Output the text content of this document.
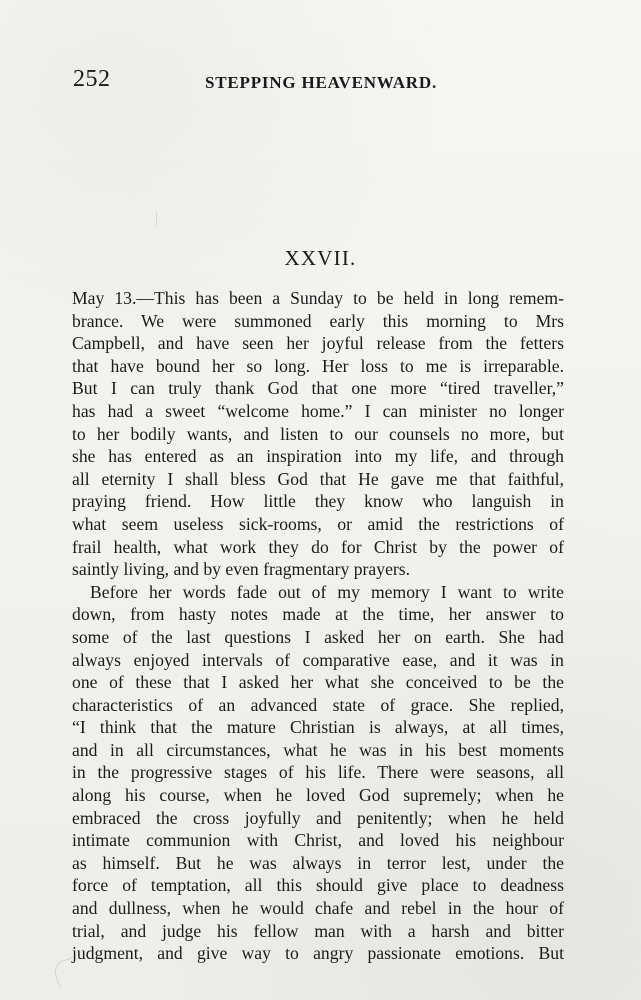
252	STEPPING HEAVENWARD.
XXVII.
May 13.—This has been a Sunday to be held in long remem-
brance. We were summoned early this morning to Mrs
Campbell, and have seen her joyful release from the fetters
that have bound her so long. Her loss to me is irreparable.
But I can truly thank God that one more “tired traveller,”
has had a sweet “welcome home.” I can minister no longer
to her bodily wants, and listen to our counsels no more, but
she has entered as an inspiration into my life, and through
all eternity I shall bless God that He gave me that faithful,
praying friend. How little they know who languish in
what seem useless sick-rooms, or amid the restrictions of
frail health, what work they do for Christ by the power of
saintly living, and by even fragmentary prayers.
Before her words fade out of my memory I want to write
down, from hasty notes made at the time, her answer to
some of the last questions I asked her on earth. She had
always enjoyed intervals of comparative ease, and it was in
one of these that I asked her what she conceived to be the
characteristics of an advanced state of grace. She replied,
“I think that the mature Christian is always, at all times,
and in all circumstances, what he was in his best moments
in the progressive stages of his life. There were seasons, all
along his course, when he loved God supremely; when he
embraced the cross joyfully and penitently; when he held
intimate communion with Christ, and loved his neighbour
as himself. But he was always in terror lest, under the
force of temptation, all this should give place to deadness
and dullness, when he would chafe and rebel in the hour of
trial, and judge his fellow man with a harsh and bitter
judgment, and give way to angry passionate emotions. But
